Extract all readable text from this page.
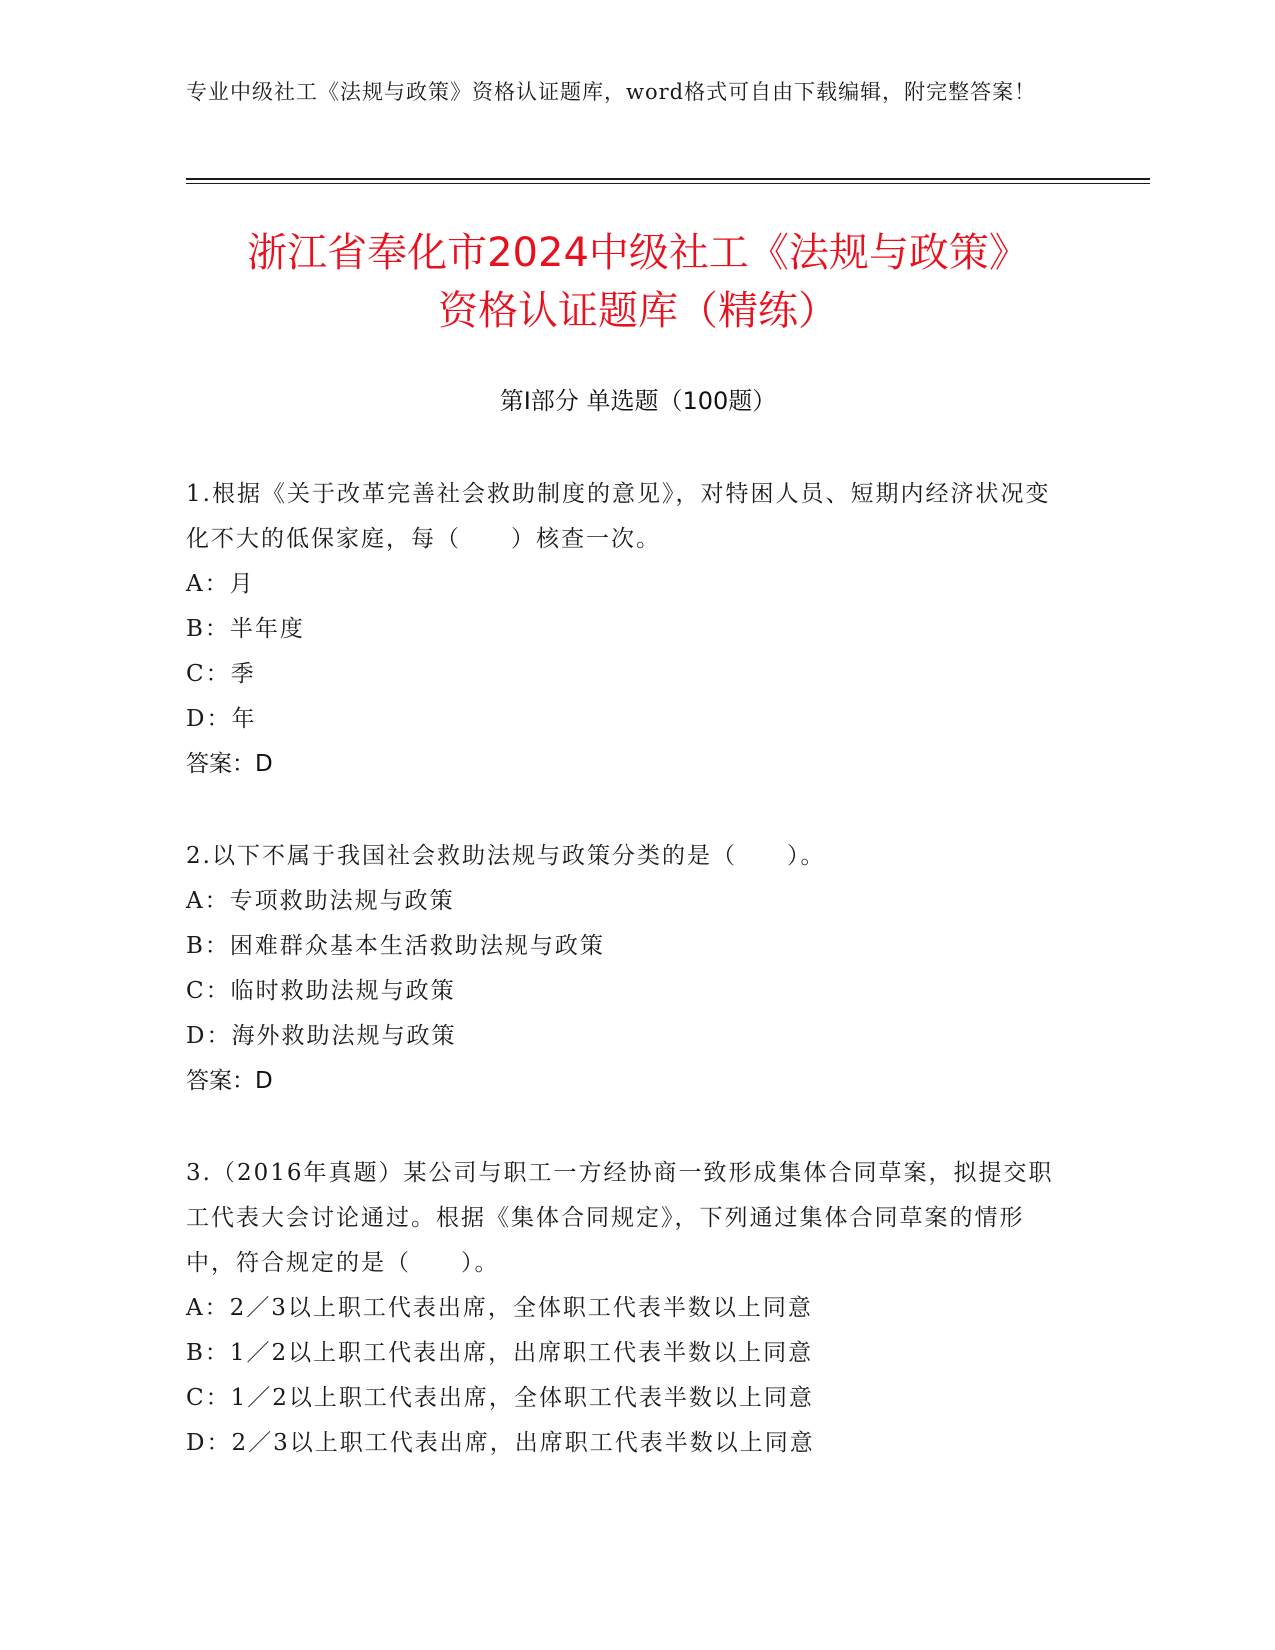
专业中级社工《法规与政策》资格认证题库，word格式可自由下载编辑，附完整答案！
浙江省奉化市2024中级社工《法规与政策》
资格认证题库（精练）
第I部分 单选题（100题）

1.根据《关于改革完善社会救助制度的意见》，对特困人员、短期内经济状况变化不大的低保家庭，每（　　）核查一次。

A：月

B：半年度

C：季

D：年

答案：D

2.以下不属于我国社会救助法规与政策分类的是（　　）。

A：专项救助法规与政策

B：困难群众基本生活救助法规与政策

C：临时救助法规与政策

D：海外救助法规与政策

答案：D

3.（2016年真题）某公司与职工一方经协商一致形成集体合同草案，拟提交职工代表大会讨论通过。根据《集体合同规定》，下列通过集体合同草案的情形中，符合规定的是（　　）。

A：2／3以上职工代表出席，全体职工代表半数以上同意

B：1／2以上职工代表出席，出席职工代表半数以上同意

C：1／2以上职工代表出席，全体职工代表半数以上同意

D：2／3以上职工代表出席，出席职工代表半数以上同意
